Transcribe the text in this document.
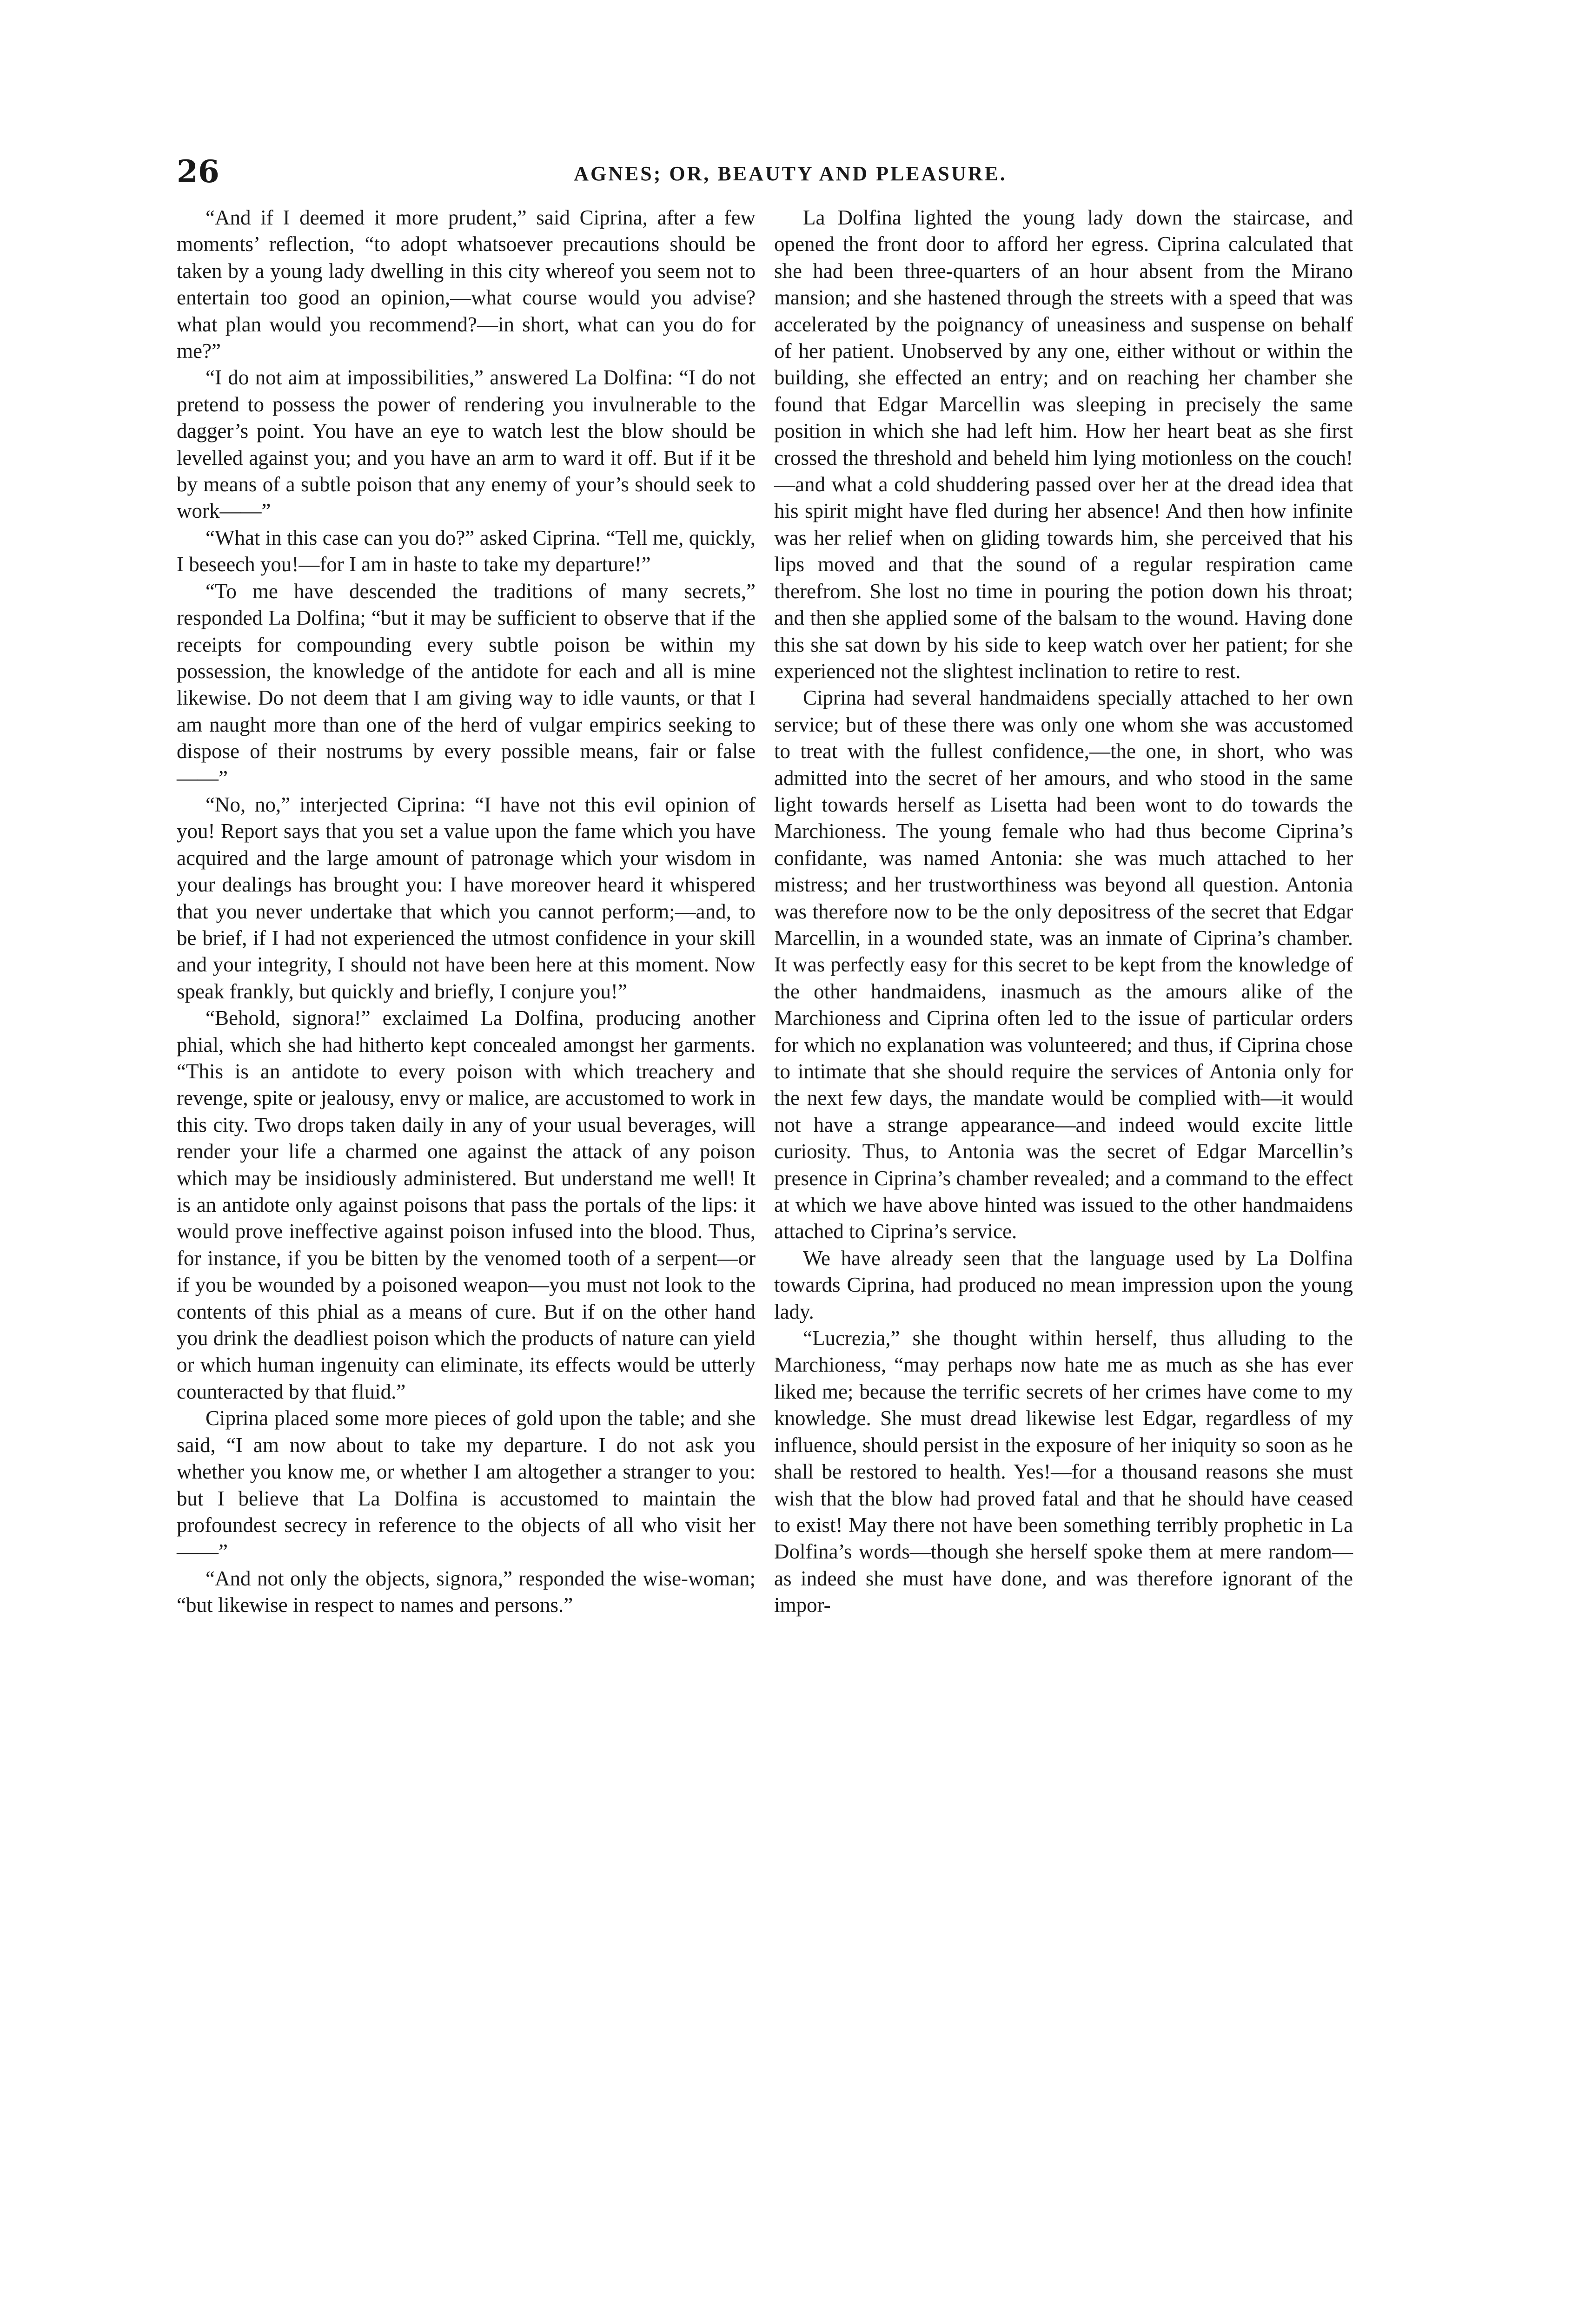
26	AGNES; OR, BEAUTY AND PLEASURE.

“And if I deemed it more prudent,” said Ciprina, after a few moments’ reflection, “to adopt whatsoever precautions should be taken by a young lady dwelling in this city whereof you seem not to entertain too good an opinion,—what course would you advise? what plan would you recommend?—in short, what can you do for me?”

“I do not aim at impossibilities,” answered La Dolfina: “I do not pretend to possess the power of rendering you invulnerable to the dagger’s point. You have an eye to watch lest the blow should be levelled against you; and you have an arm to ward it off. But if it be by means of a subtle poison that any enemy of your’s should seek to work——”

“What in this case can you do?” asked Ciprina. “Tell me, quickly, I beseech you!—for I am in haste to take my departure!”

“To me have descended the traditions of many secrets,” responded La Dolfina; “but it may be sufficient to observe that if the receipts for compounding every subtle poison be within my possession, the knowledge of the antidote for each and all is mine likewise. Do not deem that I am giving way to idle vaunts, or that I am naught more than one of the herd of vulgar empirics seeking to dispose of their nostrums by every possible means, fair or false——”

“No, no,” interjected Ciprina: “I have not this evil opinion of you! Report says that you set a value upon the fame which you have acquired and the large amount of patronage which your wisdom in your dealings has brought you: I have moreover heard it whispered that you never undertake that which you cannot perform;—and, to be brief, if I had not experienced the utmost confidence in your skill and your integrity, I should not have been here at this moment. Now speak frankly, but quickly and briefly, I conjure you!”

“Behold, signora!” exclaimed La Dolfina, producing another phial, which she had hitherto kept concealed amongst her garments. “This is an antidote to every poison with which treachery and revenge, spite or jealousy, envy or malice, are accustomed to work in this city. Two drops taken daily in any of your usual beverages, will render your life a charmed one against the attack of any poison which may be insidiously administered. But understand me well! It is an antidote only against poisons that pass the portals of the lips: it would prove ineffective against poison infused into the blood. Thus, for instance, if you be bitten by the venomed tooth of a serpent—or if you be wounded by a poisoned weapon—you must not look to the contents of this phial as a means of cure. But if on the other hand you drink the deadliest poison which the products of nature can yield or which human ingenuity can eliminate, its effects would be utterly counteracted by that fluid.”

Ciprina placed some more pieces of gold upon the table; and she said, “I am now about to take my departure. I do not ask you whether you know me, or whether I am altogether a stranger to you: but I believe that La Dolfina is accustomed to maintain the profoundest secrecy in reference to the objects of all who visit her——”

“And not only the objects, signora,” responded the wise-woman; “but likewise in respect to names and persons.”

La Dolfina lighted the young lady down the staircase, and opened the front door to afford her egress. Ciprina calculated that she had been three-quarters of an hour absent from the Mirano mansion; and she hastened through the streets with a speed that was accelerated by the poignancy of uneasiness and suspense on behalf of her patient. Unobserved by any one, either without or within the building, she effected an entry; and on reaching her chamber she found that Edgar Marcellin was sleeping in precisely the same position in which she had left him. How her heart beat as she first crossed the threshold and beheld him lying motionless on the couch!—and what a cold shuddering passed over her at the dread idea that his spirit might have fled during her absence! And then how infinite was her relief when on gliding towards him, she perceived that his lips moved and that the sound of a regular respiration came therefrom. She lost no time in pouring the potion down his throat; and then she applied some of the balsam to the wound. Having done this she sat down by his side to keep watch over her patient; for she experienced not the slightest inclination to retire to rest.

Ciprina had several handmaidens specially attached to her own service; but of these there was only one whom she was accustomed to treat with the fullest confidence,—the one, in short, who was admitted into the secret of her amours, and who stood in the same light towards herself as Lisetta had been wont to do towards the Marchioness. The young female who had thus become Ciprina’s confidante, was named Antonia: she was much attached to her mistress; and her trustworthiness was beyond all question. Antonia was therefore now to be the only depositress of the secret that Edgar Marcellin, in a wounded state, was an inmate of Ciprina’s chamber. It was perfectly easy for this secret to be kept from the knowledge of the other handmaidens, inasmuch as the amours alike of the Marchioness and Ciprina often led to the issue of particular orders for which no explanation was volunteered; and thus, if Ciprina chose to intimate that she should require the services of Antonia only for the next few days, the mandate would be complied with—it would not have a strange appearance—and indeed would excite little curiosity. Thus, to Antonia was the secret of Edgar Marcellin’s presence in Ciprina’s chamber revealed; and a command to the effect at which we have above hinted was issued to the other handmaidens attached to Ciprina’s service.

We have already seen that the language used by La Dolfina towards Ciprina, had produced no mean impression upon the young lady.

“Lucrezia,” she thought within herself, thus alluding to the Marchioness, “may perhaps now hate me as much as she has ever liked me; because the terrific secrets of her crimes have come to my knowledge. She must dread likewise lest Edgar, regardless of my influence, should persist in the exposure of her iniquity so soon as he shall be restored to health. Yes!—for a thousand reasons she must wish that the blow had proved fatal and that he should have ceased to exist! May there not have been something terribly prophetic in La Dolfina’s words—though she herself spoke them at mere random—as indeed she must have done, and was therefore ignorant of the impor-
